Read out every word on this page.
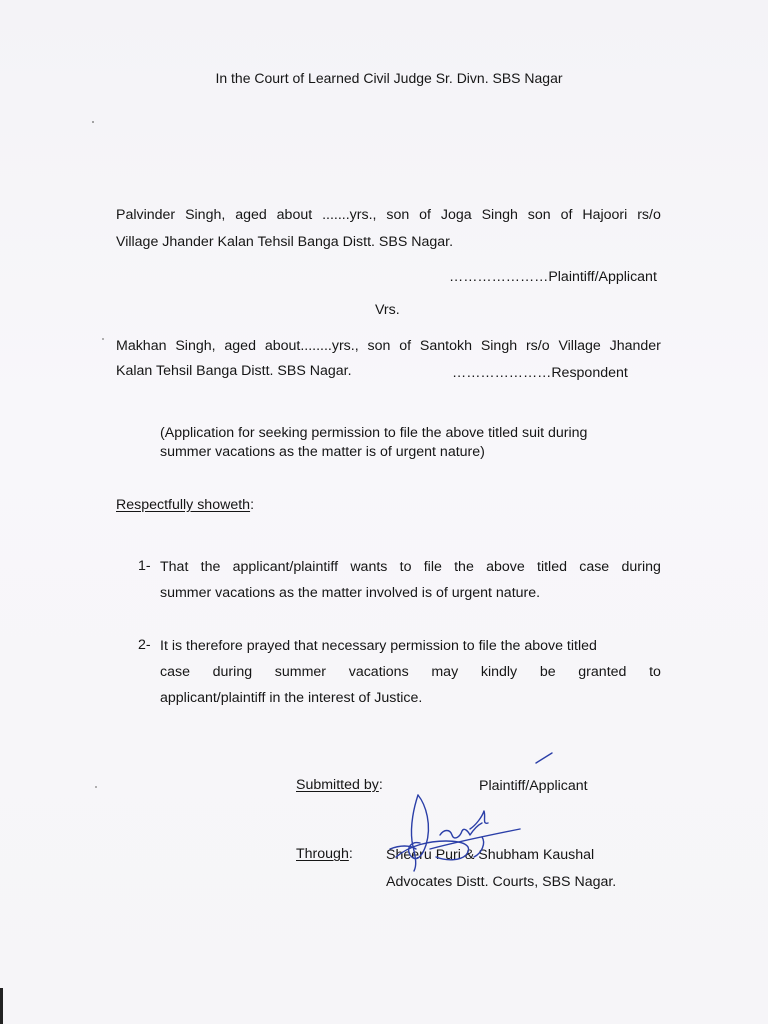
In the Court of Learned Civil Judge Sr. Divn. SBS Nagar
Palvinder Singh, aged about .......yrs., son of Joga Singh son of Hajoori rs/o
Village Jhander Kalan Tehsil Banga Distt. SBS Nagar.
…………………Plaintiff/Applicant
Vrs.
Makhan Singh, aged about........yrs., son of Santokh Singh rs/o Village Jhander
Kalan Tehsil Banga Distt. SBS Nagar.	…………………Respondent
(Application for seeking permission to file the above titled suit during
summer vacations as the matter is of urgent nature)
Respectfully showeth:
1- That the applicant/plaintiff wants to file the above titled case during
summer vacations as the matter involved is of urgent nature.
2- It is therefore prayed that necessary permission to file the above titled
case during summer vacations may kindly be granted to
applicant/plaintiff in the interest of Justice.
Submitted by:	Plaintiff/Applicant
Through: Sheeru Puri & Shubham Kaushal
Advocates Distt. Courts, SBS Nagar.
